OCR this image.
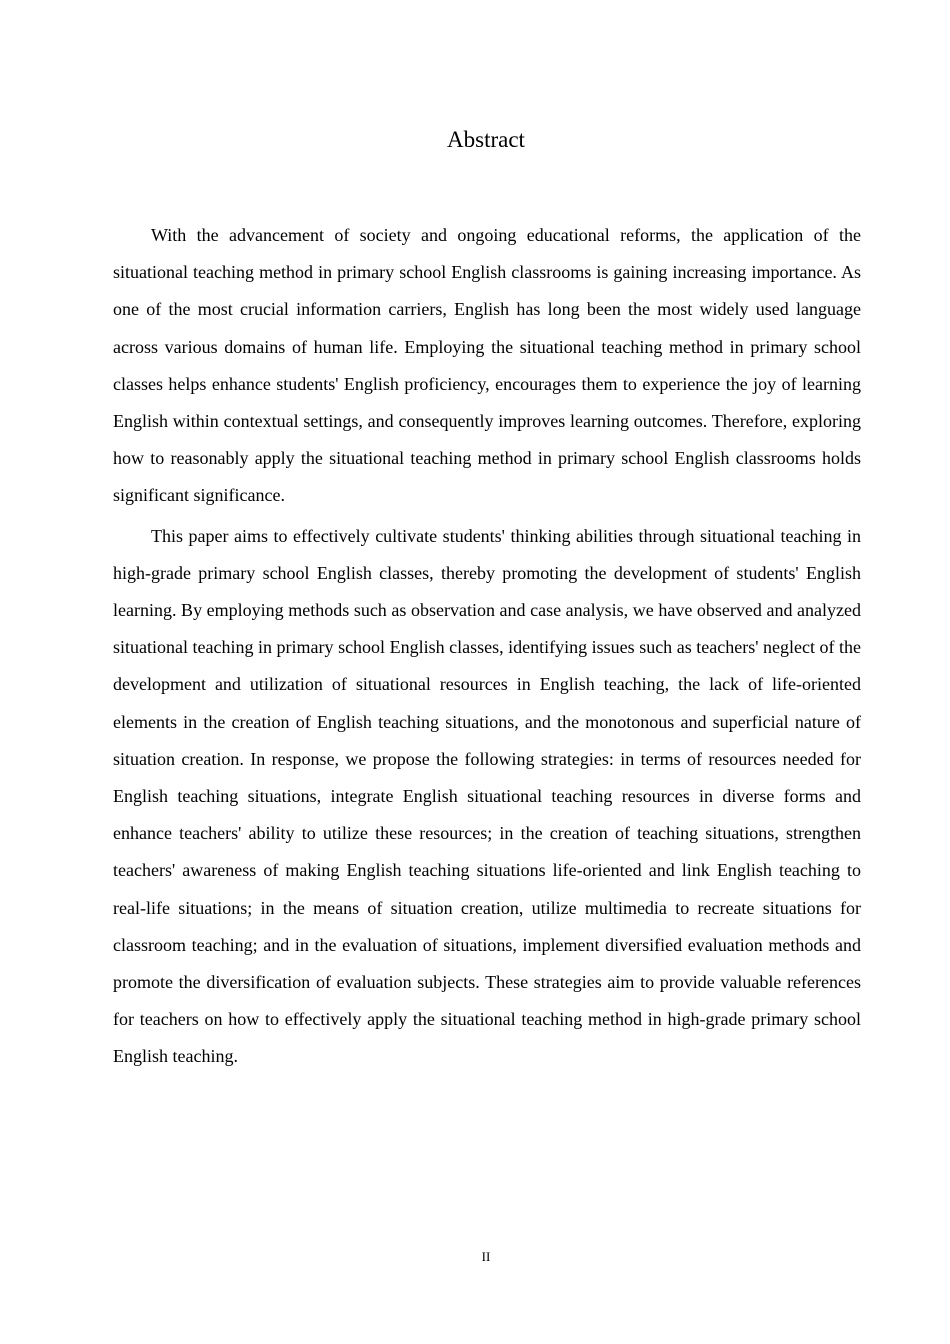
Abstract

With the advancement of society and ongoing educational reforms, the application of the situational teaching method in primary school English classrooms is gaining increasing importance. As one of the most crucial information carriers, English has long been the most widely used language across various domains of human life. Employing the situational teaching method in primary school classes helps enhance students' English proficiency, encourages them to experience the joy of learning English within contextual settings, and consequently improves learning outcomes. Therefore, exploring how to reasonably apply the situational teaching method in primary school English classrooms holds significant significance.

This paper aims to effectively cultivate students' thinking abilities through situational teaching in high-grade primary school English classes, thereby promoting the development of students' English learning. By employing methods such as observation and case analysis, we have observed and analyzed situational teaching in primary school English classes, identifying issues such as teachers' neglect of the development and utilization of situational resources in English teaching, the lack of life-oriented elements in the creation of English teaching situations, and the monotonous and superficial nature of situation creation. In response, we propose the following strategies: in terms of resources needed for English teaching situations, integrate English situational teaching resources in diverse forms and enhance teachers' ability to utilize these resources; in the creation of teaching situations, strengthen teachers' awareness of making English teaching situations life-oriented and link English teaching to real-life situations; in the means of situation creation, utilize multimedia to recreate situations for classroom teaching; and in the evaluation of situations, implement diversified evaluation methods and promote the diversification of evaluation subjects. These strategies aim to provide valuable references for teachers on how to effectively apply the situational teaching method in high-grade primary school English teaching.

II
